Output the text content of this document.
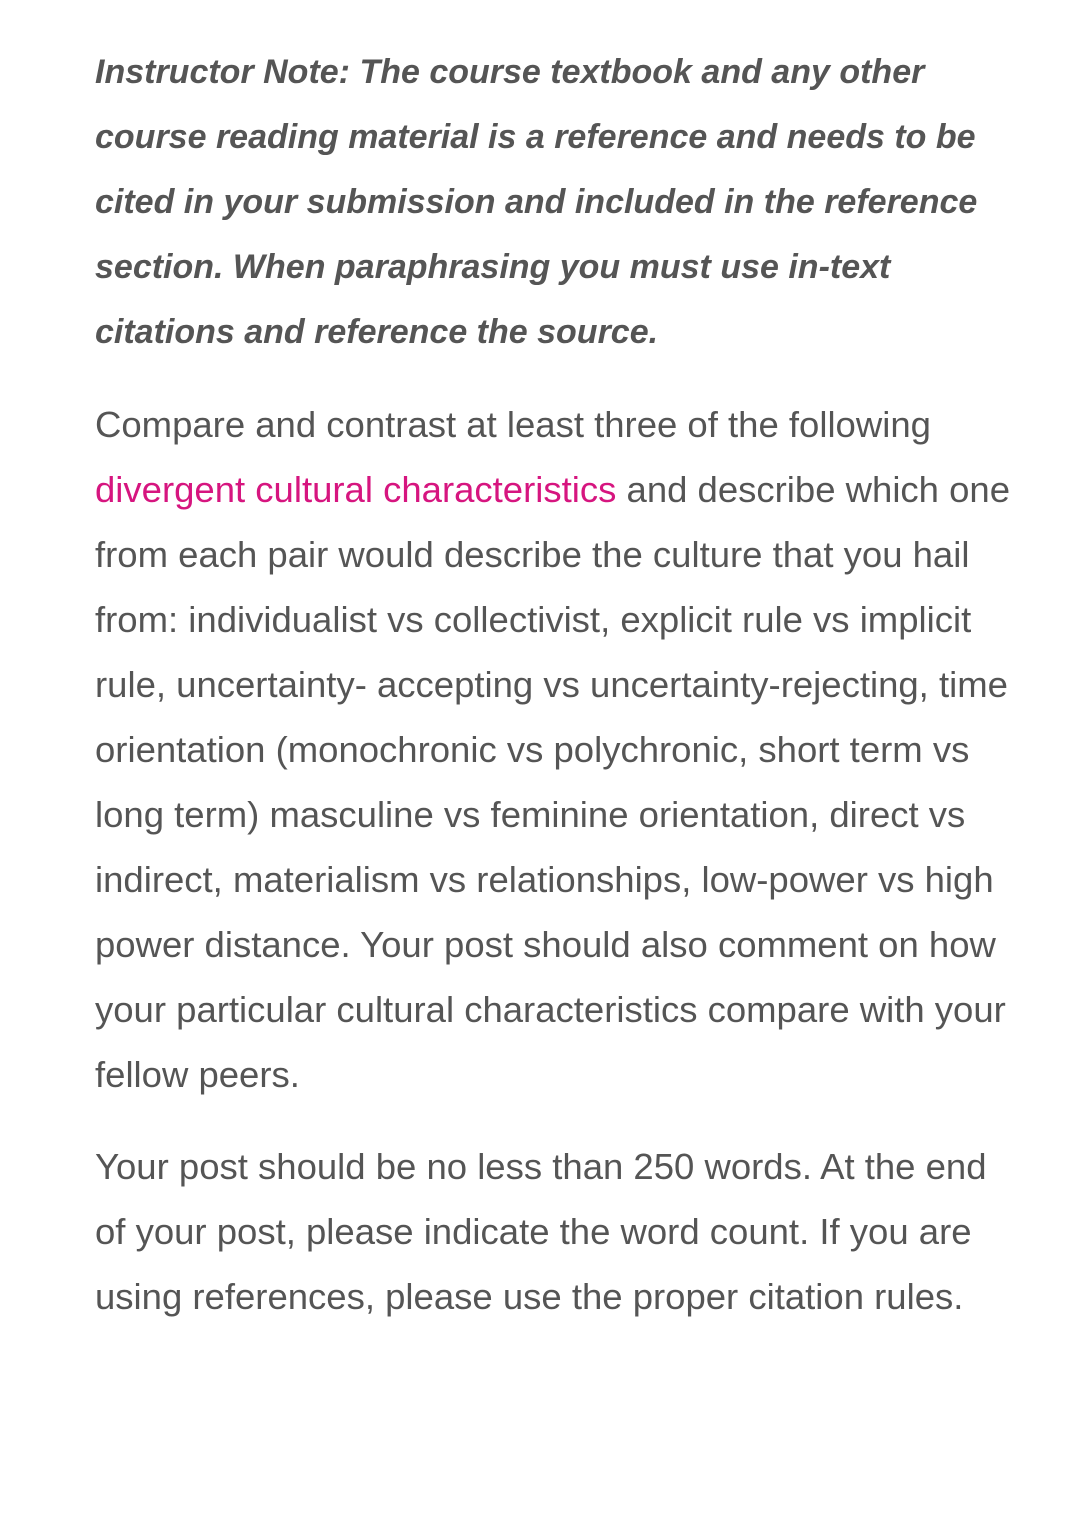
Instructor Note: The course textbook and any other course reading material is a reference and needs to be cited in your submission and included in the reference section. When paraphrasing you must use in-text citations and reference the source.

Compare and contrast at least three of the following divergent cultural characteristics and describe which one from each pair would describe the culture that you hail from: individualist vs collectivist, explicit rule vs implicit rule, uncertainty- accepting vs uncertainty-rejecting, time orientation (monochronic vs polychronic, short term vs long term) masculine vs feminine orientation, direct vs indirect, materialism vs relationships, low-power vs high power distance. Your post should also comment on how your particular cultural characteristics compare with your fellow peers.

Your post should be no less than 250 words. At the end of your post, please indicate the word count. If you are using references, please use the proper citation rules.
